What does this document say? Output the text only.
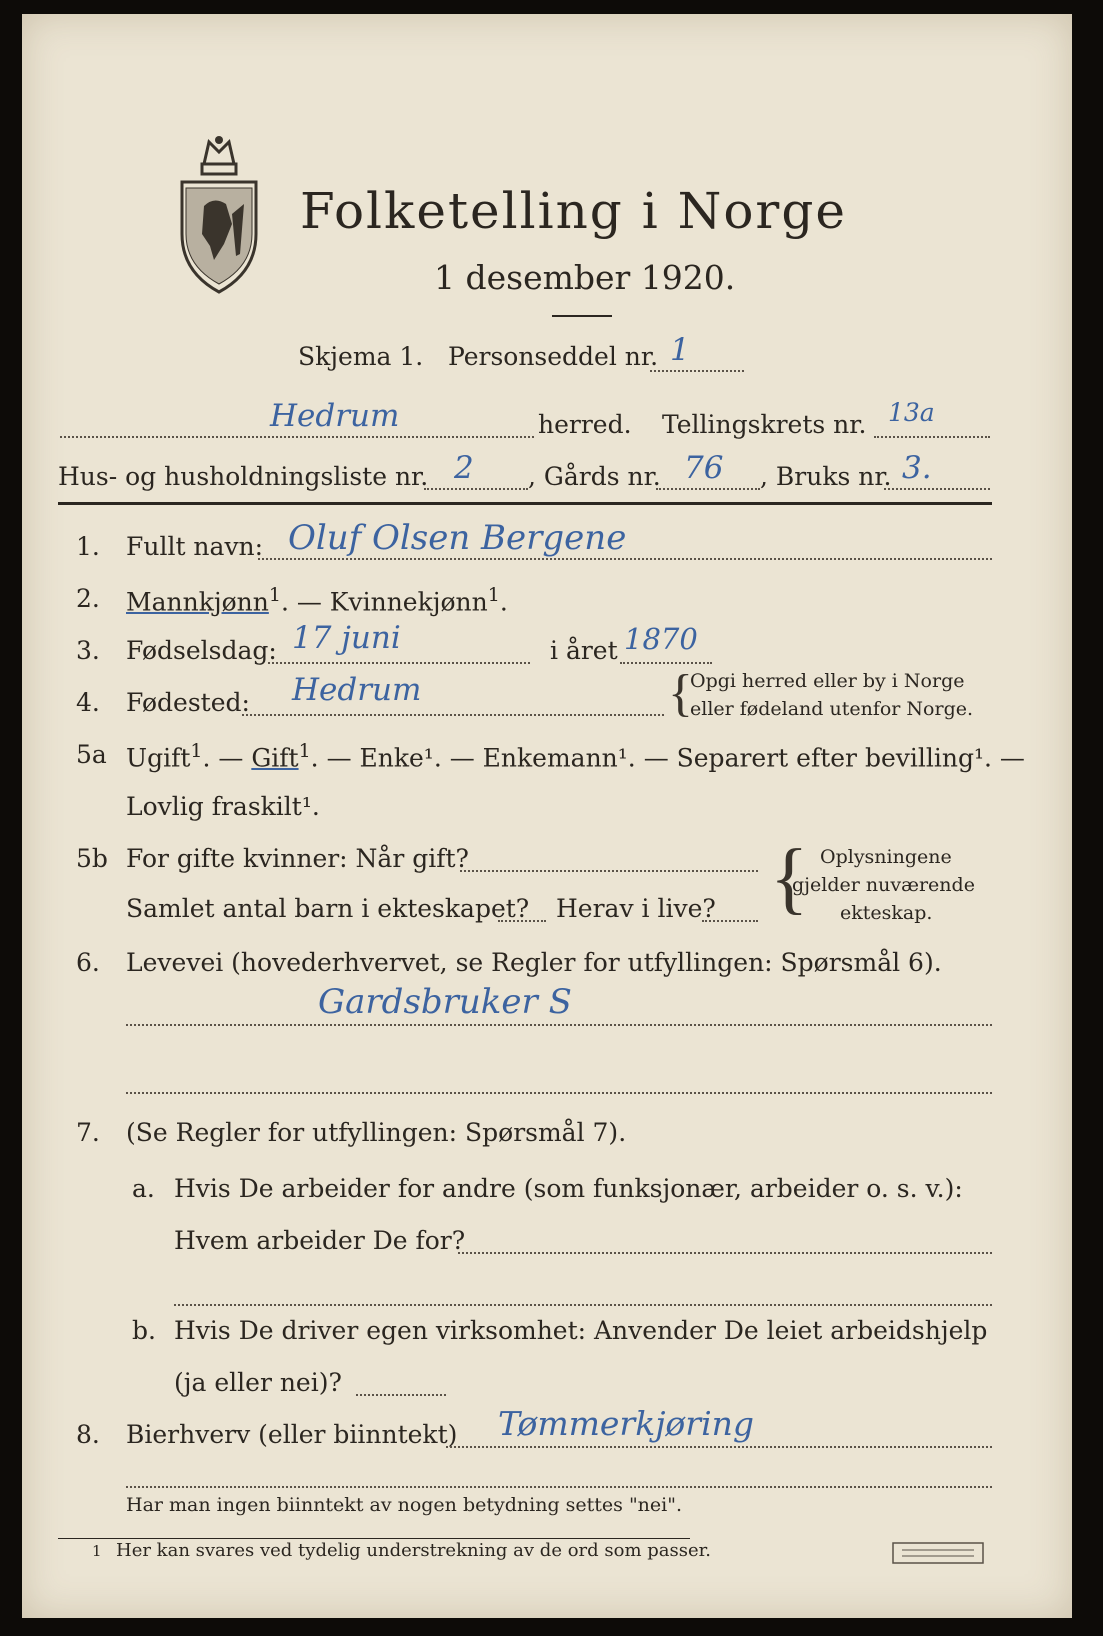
Folketelling i Norge
1 desember 1920.
Skjema 1. Personseddel nr. 1
Hedrum	herred. Tellingskrets nr. 13a
Hus- og husholdningsliste nr. 2 , Gårds nr. 76 , Bruks nr. 3.
1. Fullt navn: Oluf Olsen Bergene
2. Mannkjønn$^1$. — Kvinnekjønn$^1$.
3. Fødselsdag: 17 juni	i året 1870
4. Fødested: Hedrum	{
Opgi herred eller by i Norge
eller fødeland utenfor Norge.
5a Ugift$^1$. — Gift$^1$. — Enke¹. — Enkemann¹. — Separert efter bevilling¹. —
Lovlig fraskilt¹.
5b For gifte kvinner: Når gift?
Samlet antal barn i ekteskapet? Herav i live? { Oplysningene
gjelder nuværende
ekteskap.
6. Levevei (hovederhvervet, se Regler for utfyllingen: Spørsmål 6).
Gardsbruker S
7. (Se Regler for utfyllingen: Spørsmål 7).
a. Hvis De arbeider for andre (som funksjonær, arbeider o. s. v.):
Hvem arbeider De for?
b. Hvis De driver egen virksomhet: Anvender De leiet arbeidshjelp
(ja eller nei)?
8. Bierhverv (eller biinntekt) Tømmerkjøring
Har man ingen biinntekt av nogen betydning settes "nei".
1 Her kan svares ved tydelig understrekning av de ord som passer.
